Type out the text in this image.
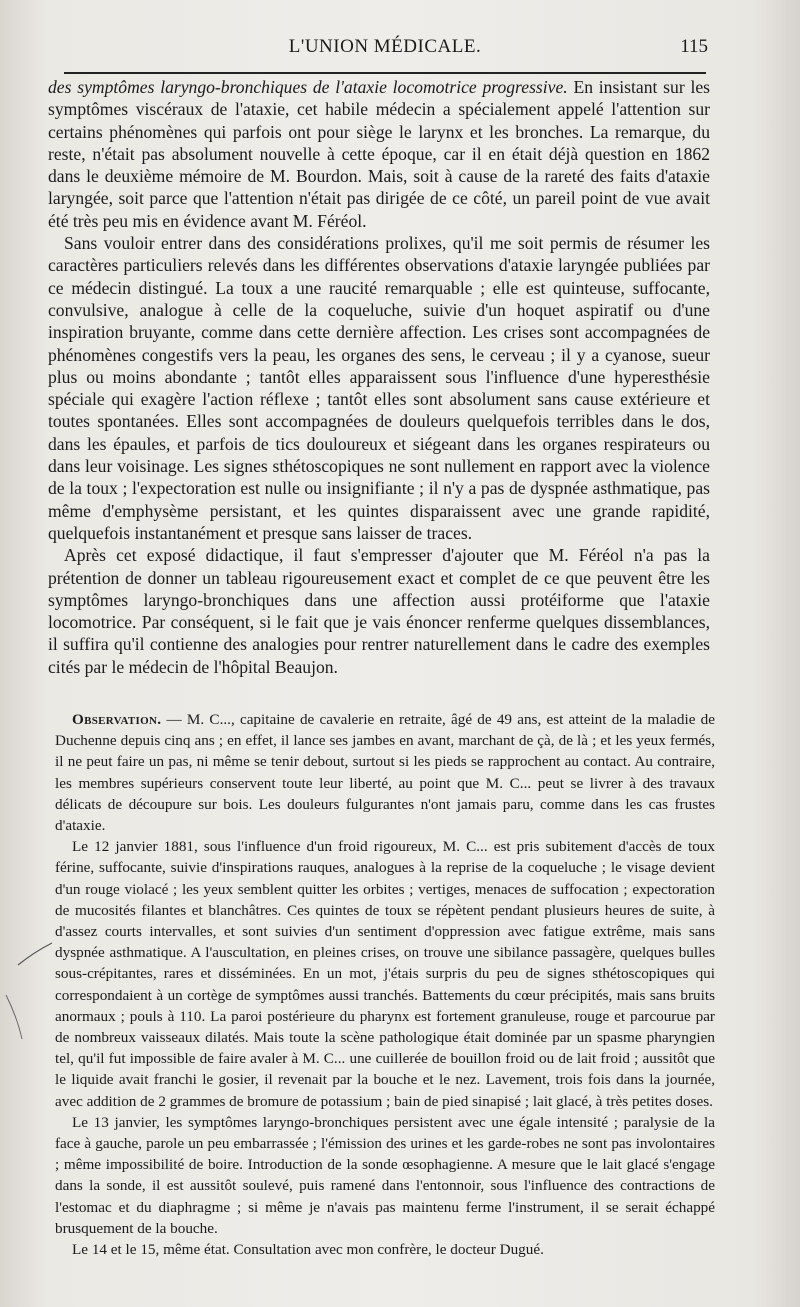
L'UNION MÉDICALE.	115

des symptômes laryngo-bronchiques de l'ataxie locomotrice progressive. En insistant sur les symptômes viscéraux de l'ataxie, cet habile médecin a spécialement appelé l'attention sur certains phénomènes qui parfois ont pour siège le larynx et les bronches. La remarque, du reste, n'était pas absolument nouvelle à cette époque, car il en était déjà question en 1862 dans le deuxième mémoire de M. Bourdon. Mais, soit à cause de la rareté des faits d'ataxie laryngée, soit parce que l'attention n'était pas dirigée de ce côté, un pareil point de vue avait été très peu mis en évidence avant M. Féréol.

Sans vouloir entrer dans des considérations prolixes, qu'il me soit permis de résumer les caractères particuliers relevés dans les différentes observations d'ataxie laryngée publiées par ce médecin distingué. La toux a une raucité remarquable ; elle est quinteuse, suffocante, convulsive, analogue à celle de la coqueluche, suivie d'un hoquet aspiratif ou d'une inspiration bruyante, comme dans cette dernière affection. Les crises sont accompagnées de phénomènes congestifs vers la peau, les organes des sens, le cerveau ; il y a cyanose, sueur plus ou moins abondante ; tantôt elles apparaissent sous l'influence d'une hyperesthésie spéciale qui exagère l'action réflexe ; tantôt elles sont absolument sans cause extérieure et toutes spontanées. Elles sont accompagnées de douleurs quelquefois terribles dans le dos, dans les épaules, et parfois de tics douloureux et siégeant dans les organes respirateurs ou dans leur voisinage. Les signes sthétoscopiques ne sont nullement en rapport avec la violence de la toux ; l'expectoration est nulle ou insignifiante ; il n'y a pas de dyspnée asthmatique, pas même d'emphysème persistant, et les quintes disparaissent avec une grande rapidité, quelquefois instantanément et presque sans laisser de traces.

Après cet exposé didactique, il faut s'empresser d'ajouter que M. Féréol n'a pas la prétention de donner un tableau rigoureusement exact et complet de ce que peuvent être les symptômes laryngo-bronchiques dans une affection aussi protéiforme que l'ataxie locomotrice. Par conséquent, si le fait que je vais énoncer renferme quelques dissemblances, il suffira qu'il contienne des analogies pour rentrer naturellement dans le cadre des exemples cités par le médecin de l'hôpital Beaujon.

Observation. — M. C..., capitaine de cavalerie en retraite, âgé de 49 ans, est atteint de la maladie de Duchenne depuis cinq ans ; en effet, il lance ses jambes en avant, marchant de çà, de là ; et les yeux fermés, il ne peut faire un pas, ni même se tenir debout, surtout si les pieds se rapprochent au contact. Au contraire, les membres supérieurs conservent toute leur liberté, au point que M. C... peut se livrer à des travaux délicats de découpure sur bois. Les douleurs fulgurantes n'ont jamais paru, comme dans les cas frustes d'ataxie.

Le 12 janvier 1881, sous l'influence d'un froid rigoureux, M. C... est pris subitement d'accès de toux férine, suffocante, suivie d'inspirations rauques, analogues à la reprise de la coqueluche ; le visage devient d'un rouge violacé ; les yeux semblent quitter les orbites ; vertiges, menaces de suffocation ; expectoration de mucosités filantes et blanchâtres. Ces quintes de toux se répètent pendant plusieurs heures de suite, à d'assez courts intervalles, et sont suivies d'un sentiment d'oppression avec fatigue extrême, mais sans dyspnée asthmatique. A l'auscultation, en pleines crises, on trouve une sibilance passagère, quelques bulles sous-crépitantes, rares et disséminées. En un mot, j'étais surpris du peu de signes sthétoscopiques qui correspondaient à un cortège de symptômes aussi tranchés. Battements du cœur précipités, mais sans bruits anormaux ; pouls à 110. La paroi postérieure du pharynx est fortement granuleuse, rouge et parcourue par de nombreux vaisseaux dilatés. Mais toute la scène pathologique était dominée par un spasme pharyngien tel, qu'il fut impossible de faire avaler à M. C... une cuillerée de bouillon froid ou de lait froid ; aussitôt que le liquide avait franchi le gosier, il revenait par la bouche et le nez. Lavement, trois fois dans la journée, avec addition de 2 grammes de bromure de potassium ; bain de pied sinapisé ; lait glacé, à très petites doses.

Le 13 janvier, les symptômes laryngo-bronchiques persistent avec une égale intensité ; paralysie de la face à gauche, parole un peu embarrassée ; l'émission des urines et les garde-robes ne sont pas involontaires ; même impossibilité de boire. Introduction de la sonde œsophagienne. A mesure que le lait glacé s'engage dans la sonde, il est aussitôt soulevé, puis ramené dans l'entonnoir, sous l'influence des contractions de l'estomac et du diaphragme ; si même je n'avais pas maintenu ferme l'instrument, il se serait échappé brusquement de la bouche.

Le 14 et le 15, même état. Consultation avec mon confrère, le docteur Dugué.
